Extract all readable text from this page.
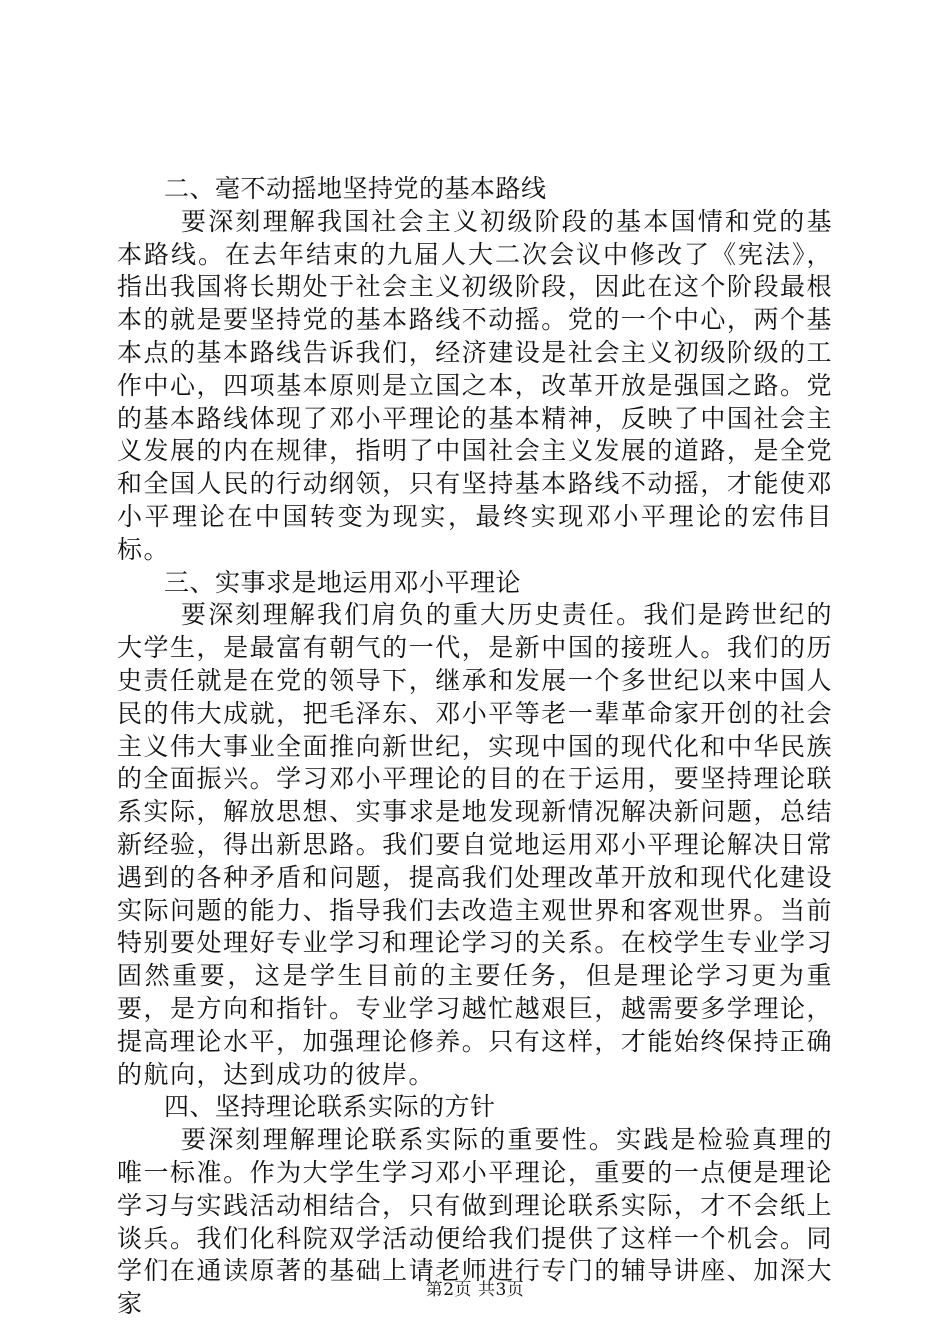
二、毫不动摇地坚持党的基本路线

要深刻理解我国社会主义初级阶段的基本国情和党的基本路线。在去年结束的九届人大二次会议中修改了《宪法》，指出我国将长期处于社会主义初级阶段，因此在这个阶段最根本的就是要坚持党的基本路线不动摇。党的一个中心，两个基本点的基本路线告诉我们，经济建设是社会主义初级阶级的工作中心，四项基本原则是立国之本，改革开放是强国之路。党的基本路线体现了邓小平理论的基本精神，反映了中国社会主义发展的内在规律，指明了中国社会主义发展的道路，是全党和全国人民的行动纲领，只有坚持基本路线不动摇，才能使邓小平理论在中国转变为现实，最终实现邓小平理论的宏伟目标。

三、实事求是地运用邓小平理论

要深刻理解我们肩负的重大历史责任。我们是跨世纪的大学生，是最富有朝气的一代，是新中国的接班人。我们的历史责任就是在党的领导下，继承和发展一个多世纪以来中国人民的伟大成就，把毛泽东、邓小平等老一辈革命家开创的社会主义伟大事业全面推向新世纪，实现中国的现代化和中华民族的全面振兴。学习邓小平理论的目的在于运用，要坚持理论联系实际，解放思想、实事求是地发现新情况解决新问题，总结新经验，得出新思路。我们要自觉地运用邓小平理论解决日常遇到的各种矛盾和问题，提高我们处理改革开放和现代化建设实际问题的能力、指导我们去改造主观世界和客观世界。当前特别要处理好专业学习和理论学习的关系。在校学生专业学习固然重要，这是学生目前的主要任务，但是理论学习更为重要，是方向和指针。专业学习越忙越艰巨，越需要多学理论，提高理论水平，加强理论修养。只有这样，才能始终保持正确的航向，达到成功的彼岸。

四、坚持理论联系实际的方针

要深刻理解理论联系实际的重要性。实践是检验真理的唯一标准。作为大学生学习邓小平理论，重要的一点便是理论学习与实践活动相结合，只有做到理论联系实际，才不会纸上谈兵。我们化科院双学活动便给我们提供了这样一个机会。同学们在通读原著的基础上请老师进行专门的辅导讲座、加深大家	第2页 共3页
